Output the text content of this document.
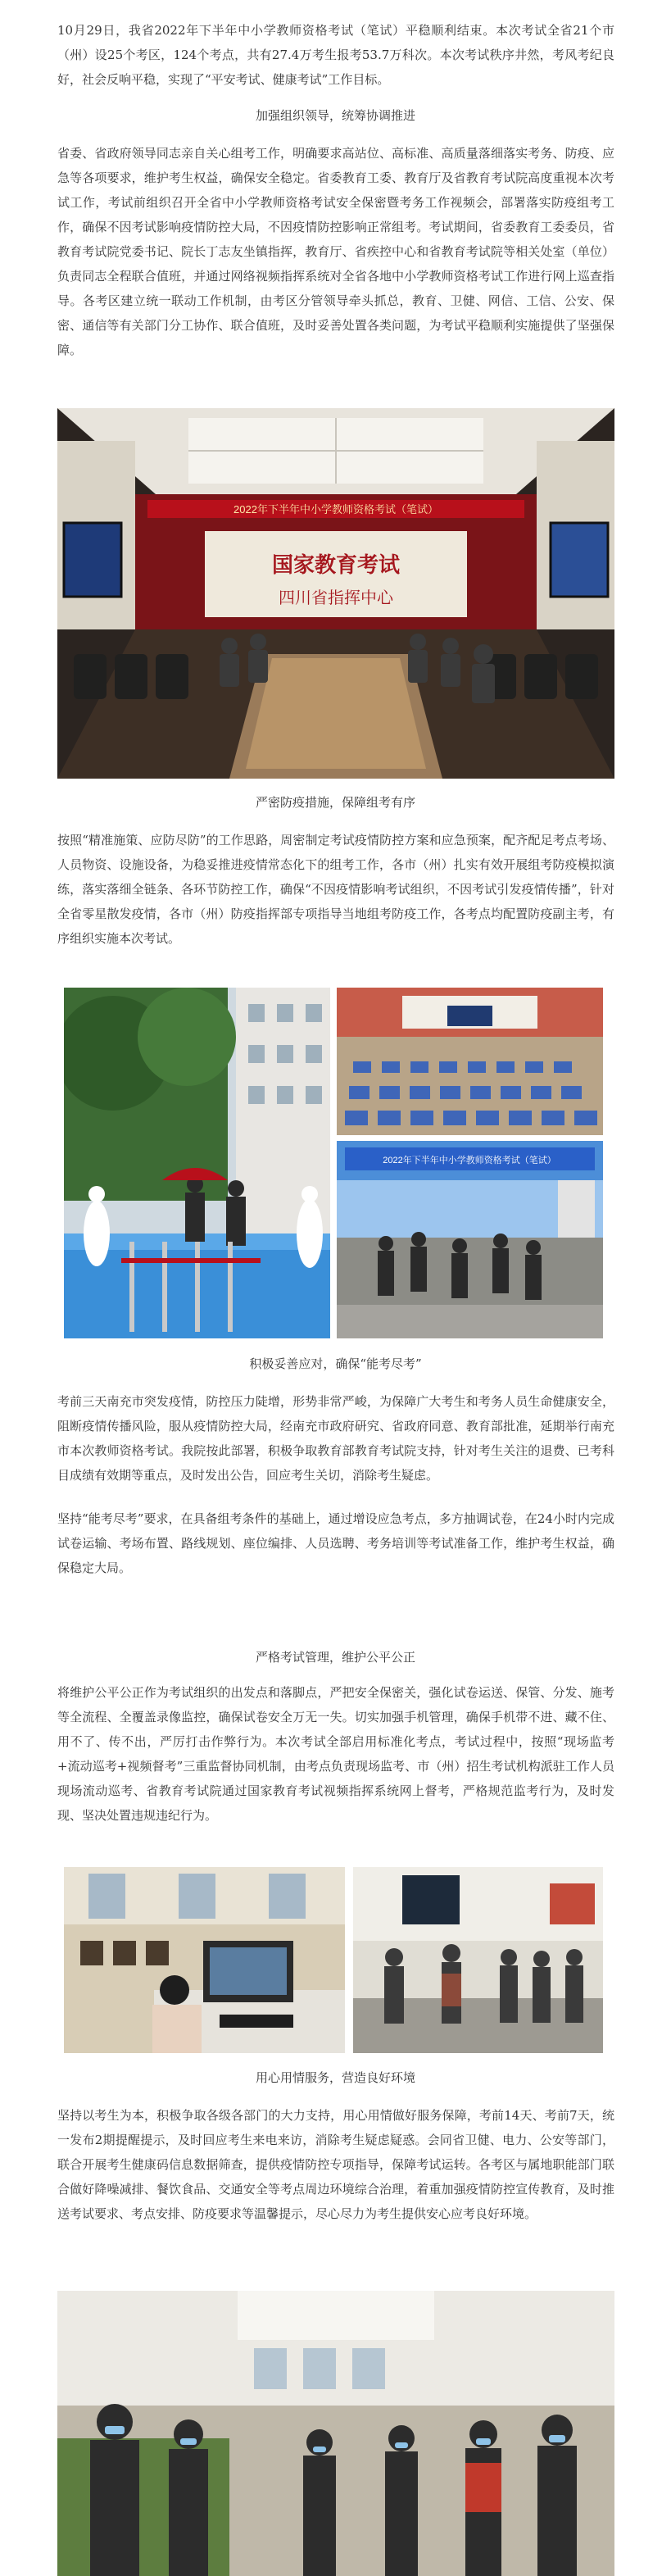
10月29日，我省2022年下半年中小学教师资格考试（笔试）平稳顺利结束。本次考试全省21个市（州）设25个考区，124个考点，共有27.4万考生报考53.7万科次。本次考试秩序井然，考风考纪良好，社会反响平稳，实现了“平安考试、健康考试”工作目标。

加强组织领导，统筹协调推进

省委、省政府领导同志亲自关心组考工作，明确要求高站位、高标准、高质量落细落实考务、防疫、应急等各项要求，维护考生权益，确保安全稳定。省委教育工委、教育厅及省教育考试院高度重视本次考试工作，考试前组织召开全省中小学教师资格考试安全保密暨考务工作视频会，部署落实防疫组考工作，确保不因考试影响疫情防控大局，不因疫情防控影响正常组考。考试期间，省委教育工委委员，省教育考试院党委书记、院长丁志友坐镇指挥，教育厅、省疾控中心和省教育考试院等相关处室（单位）负责同志全程联合值班，并通过网络视频指挥系统对全省各地中小学教师资格考试工作进行网上巡查指导。各考区建立统一联动工作机制，由考区分管领导牵头抓总，教育、卫健、网信、工信、公安、保密、通信等有关部门分工协作、联合值班，及时妥善处置各类问题，为考试平稳顺利实施提供了坚强保障。

2022年下半年中小学教师资格考试（笔试）
国家教育考试
四川省指挥中心

严密防疫措施，保障组考有序

按照“精准施策、应防尽防”的工作思路，周密制定考试疫情防控方案和应急预案，配齐配足考点考场、人员物资、设施设备，为稳妥推进疫情常态化下的组考工作，各市（州）扎实有效开展组考防疫模拟演练，落实落细全链条、各环节防控工作，确保“不因疫情影响考试组织，不因考试引发疫情传播”，针对全省零星散发疫情，各市（州）防疫指挥部专项指导当地组考防疫工作，各考点均配置防疫副主考，有序组织实施本次考试。

2022年下半年中小学教师资格考试（笔试）

积极妥善应对，确保“能考尽考”

考前三天南充市突发疫情，防控压力陡增，形势非常严峻，为保障广大考生和考务人员生命健康安全，阻断疫情传播风险，服从疫情防控大局，经南充市政府研究、省政府同意、教育部批准，延期举行南充市本次教师资格考试。我院按此部署，积极争取教育部教育考试院支持，针对考生关注的退费、已考科目成绩有效期等重点，及时发出公告，回应考生关切，消除考生疑虑。

坚持“能考尽考”要求，在具备组考条件的基础上，通过增设应急考点，多方抽调试卷，在24小时内完成试卷运输、考场布置、路线规划、座位编排、人员选聘、考务培训等考试准备工作，维护考生权益，确保稳定大局。

严格考试管理，维护公平公正

将维护公平公正作为考试组织的出发点和落脚点，严把安全保密关，强化试卷运送、保管、分发、施考等全流程、全覆盖录像监控，确保试卷安全万无一失。切实加强手机管理，确保手机带不进、藏不住、用不了、传不出，严厉打击作弊行为。本次考试全部启用标准化考点，考试过程中，按照“现场监考+流动巡考+视频督考”三重监督协同机制，由考点负责现场监考、市（州）招生考试机构派驻工作人员现场流动巡考、省教育考试院通过国家教育考试视频指挥系统网上督考，严格规范监考行为，及时发现、坚决处置违规违纪行为。

用心用情服务，营造良好环境

坚持以考生为本，积极争取各级各部门的大力支持，用心用情做好服务保障，考前14天、考前7天，统一发布2期提醒提示，及时回应考生来电来访，消除考生疑虑疑惑。会同省卫健、电力、公安等部门，联合开展考生健康码信息数据筛查，提供疫情防控专项指导，保障考试运转。各考区与属地职能部门联合做好降噪减排、餐饮食品、交通安全等考点周边环境综合治理，着重加强疫情防控宣传教育，及时推送考试要求、考点安排、防疫要求等温馨提示，尽心尽力为考生提供安心应考良好环境。
